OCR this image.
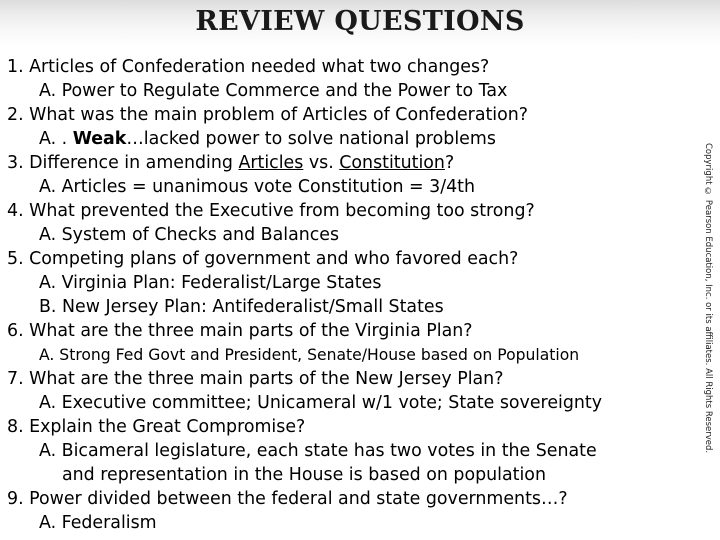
REVIEW QUESTIONS
1. Articles of Confederation needed what two changes?
A. Power to Regulate Commerce and the Power to Tax
2. What was the main problem of Articles of Confederation?
A. . Weak…lacked power to solve national problems
3. Difference in amending Articles vs. Constitution?
A. Articles = unanimous vote Constitution = 3/4th
4. What prevented the Executive from becoming too strong?
A. System of Checks and Balances
5. Competing plans of government and who favored each?
A. Virginia Plan: Federalist/Large States
B. New Jersey Plan: Antifederalist/Small States
6. What are the three main parts of the Virginia Plan?
A. Strong Fed Govt and President, Senate/House based on Population
7. What are the three main parts of the New Jersey Plan?
A. Executive committee; Unicameral w/1 vote; State sovereignty
8. Explain the Great Compromise?
A. Bicameral legislature, each state has two votes in the Senate
and representation in the House is based on population
9. Power divided between the federal and state governments…?
A. Federalism
Copyright © Pearson Education, Inc. or its affiliates. All Rights Reserved.
